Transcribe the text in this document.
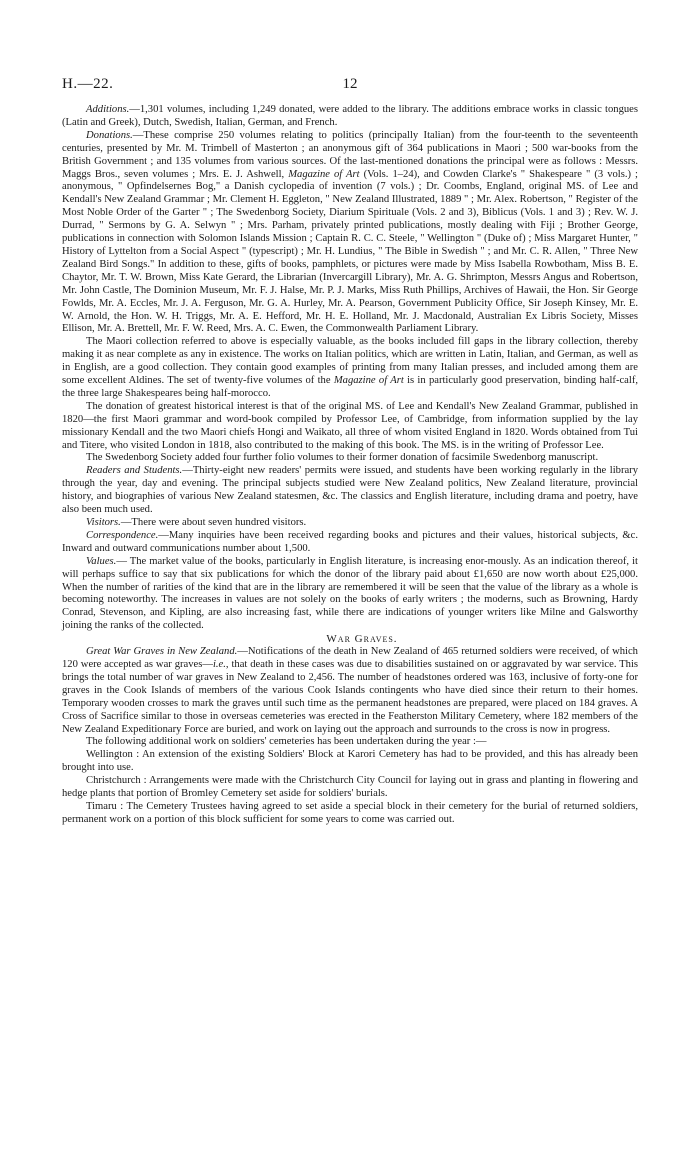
H.—22.	12

Additions.—1,301 volumes, including 1,249 donated, were added to the library. The additions embrace works in classic tongues (Latin and Greek), Dutch, Swedish, Italian, German, and French.

Donations.—These comprise 250 volumes relating to politics (principally Italian) from the four-teenth to the seventeenth centuries, presented by Mr. M. Trimbell of Masterton ; an anonymous gift of 364 publications in Maori ; 500 war-books from the British Government ; and 135 volumes from various sources. Of the last-mentioned donations the principal were as follows : Messrs. Maggs Bros., seven volumes ; Mrs. E. J. Ashwell, Magazine of Art (Vols. 1–24), and Cowden Clarke's " Shakespeare " (3 vols.) ; anonymous, " Opfindelsernes Bog," a Danish cyclopedia of invention (7 vols.) ; Dr. Coombs, England, original MS. of Lee and Kendall's New Zealand Grammar ; Mr. Clement H. Eggleton, " New Zealand Illustrated, 1889 " ; Mr. Alex. Robertson, " Register of the Most Noble Order of the Garter " ; The Swedenborg Society, Diarium Spirituale (Vols. 2 and 3), Biblicus (Vols. 1 and 3) ; Rev. W. J. Durrad, " Sermons by G. A. Selwyn " ; Mrs. Parham, privately printed publications, mostly dealing with Fiji ; Brother George, publications in connection with Solomon Islands Mission ; Captain R. C. C. Steele, " Wellington " (Duke of) ; Miss Margaret Hunter, " History of Lyttelton from a Social Aspect " (typescript) ; Mr. H. Lundius, " The Bible in Swedish " ; and Mr. C. R. Allen, " Three New Zealand Bird Songs." In addition to these, gifts of books, pamphlets, or pictures were made by Miss Isabella Rowbotham, Miss B. E. Chaytor, Mr. T. W. Brown, Miss Kate Gerard, the Librarian (Invercargill Library), Mr. A. G. Shrimpton, Messrs Angus and Robertson, Mr. John Castle, The Dominion Museum, Mr. F. J. Halse, Mr. P. J. Marks, Miss Ruth Phillips, Archives of Hawaii, the Hon. Sir George Fowlds, Mr. A. Eccles, Mr. J. A. Ferguson, Mr. G. A. Hurley, Mr. A. Pearson, Government Publicity Office, Sir Joseph Kinsey, Mr. E. W. Arnold, the Hon. W. H. Triggs, Mr. A. E. Hefford, Mr. H. E. Holland, Mr. J. Macdonald, Australian Ex Libris Society, Misses Ellison, Mr. A. Brettell, Mr. F. W. Reed, Mrs. A. C. Ewen, the Commonwealth Parliament Library.

The Maori collection referred to above is especially valuable, as the books included fill gaps in the library collection, thereby making it as near complete as any in existence. The works on Italian politics, which are written in Latin, Italian, and German, as well as in English, are a good collection. They contain good examples of printing from many Italian presses, and included among them are some excellent Aldines. The set of twenty-five volumes of the Magazine of Art is in particularly good preservation, binding half-calf, the three large Shakespeares being half-morocco.

The donation of greatest historical interest is that of the original MS. of Lee and Kendall's New Zealand Grammar, published in 1820—the first Maori grammar and word-book compiled by Professor Lee, of Cambridge, from information supplied by the lay missionary Kendall and the two Maori chiefs Hongi and Waikato, all three of whom visited England in 1820. Words obtained from Tui and Titere, who visited London in 1818, also contributed to the making of this book. The MS. is in the writing of Professor Lee.

The Swedenborg Society added four further folio volumes to their former donation of facsimile Swedenborg manuscript.

Readers and Students.—Thirty-eight new readers' permits were issued, and students have been working regularly in the library through the year, day and evening. The principal subjects studied were New Zealand politics, New Zealand literature, provincial history, and biographies of various New Zealand statesmen, &c. The classics and English literature, including drama and poetry, have also been much used.

Visitors.—There were about seven hundred visitors.

Correspondence.—Many inquiries have been received regarding books and pictures and their values, historical subjects, &c. Inward and outward communications number about 1,500.

Values.— The market value of the books, particularly in English literature, is increasing enor-mously. As an indication thereof, it will perhaps suffice to say that six publications for which the donor of the library paid about £1,650 are now worth about £25,000. When the number of rarities of the kind that are in the library are remembered it will be seen that the value of the library as a whole is becoming noteworthy. The increases in values are not solely on the books of early writers ; the moderns, such as Browning, Hardy Conrad, Stevenson, and Kipling, are also increasing fast, while there are indications of younger writers like Milne and Galsworthy joining the ranks of the collected.

War Graves.

Great War Graves in New Zealand.—Notifications of the death in New Zealand of 465 returned soldiers were received, of which 120 were accepted as war graves—i.e., that death in these cases was due to disabilities sustained on or aggravated by war service. This brings the total number of war graves in New Zealand to 2,456. The number of headstones ordered was 163, inclusive of forty-one for graves in the Cook Islands of members of the various Cook Islands contingents who have died since their return to their homes. Temporary wooden crosses to mark the graves until such time as the permanent headstones are prepared, were placed on 184 graves. A Cross of Sacrifice similar to those in overseas cemeteries was erected in the Featherston Military Cemetery, where 182 members of the New Zealand Expeditionary Force are buried, and work on laying out the approach and surrounds to the cross is now in progress.

The following additional work on soldiers' cemeteries has been undertaken during the year :—

Wellington : An extension of the existing Soldiers' Block at Karori Cemetery has had to be provided, and this has already been brought into use.

Christchurch : Arrangements were made with the Christchurch City Council for laying out in grass and planting in flowering and hedge plants that portion of Bromley Cemetery set aside for soldiers' burials.

Timaru : The Cemetery Trustees having agreed to set aside a special block in their cemetery for the burial of returned soldiers, permanent work on a portion of this block sufficient for some years to come was carried out.
